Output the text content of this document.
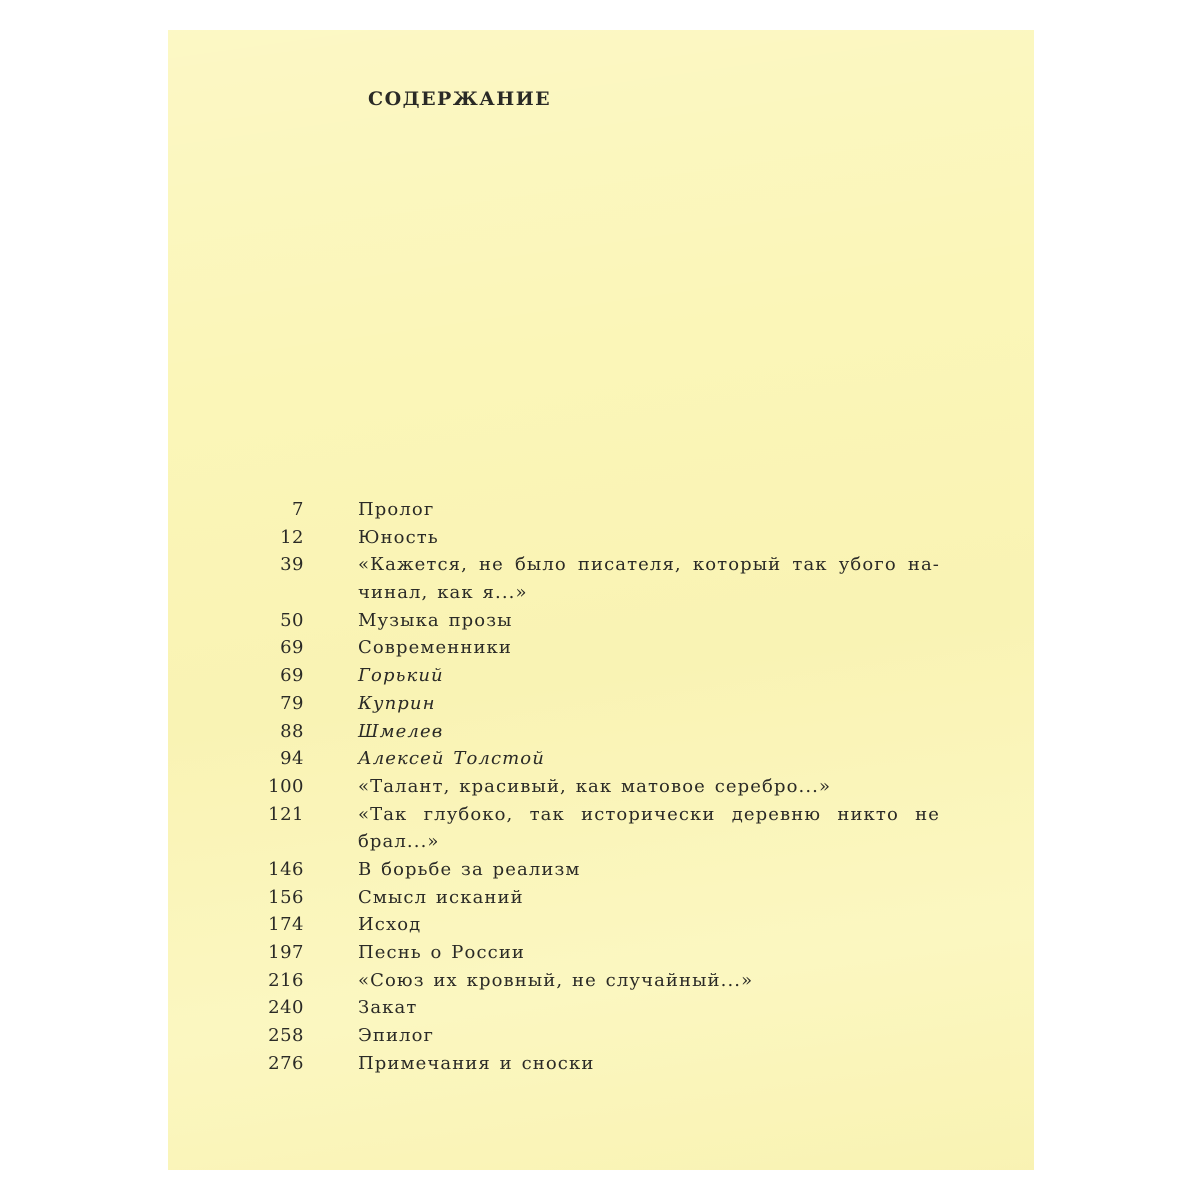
СОДЕРЖАНИЕ
7	Пролог
12	Юность
39	«Кажется, не было писателя, который так убого на-чинал, как я...»
50	Музыка прозы
69	Современники
69	Горький
79	Куприн
88	Шмелев
94	Алексей Толстой
100	«Талант, красивый, как матовое серебро...»
121	«Так глубоко, так исторически деревню никто не брал...»
146	В борьбе за реализм
156	Смысл исканий
174	Исход
197	Песнь о России
216	«Союз их кровный, не случайный...»
240	Закат
258	Эпилог
276	Примечания и сноски
